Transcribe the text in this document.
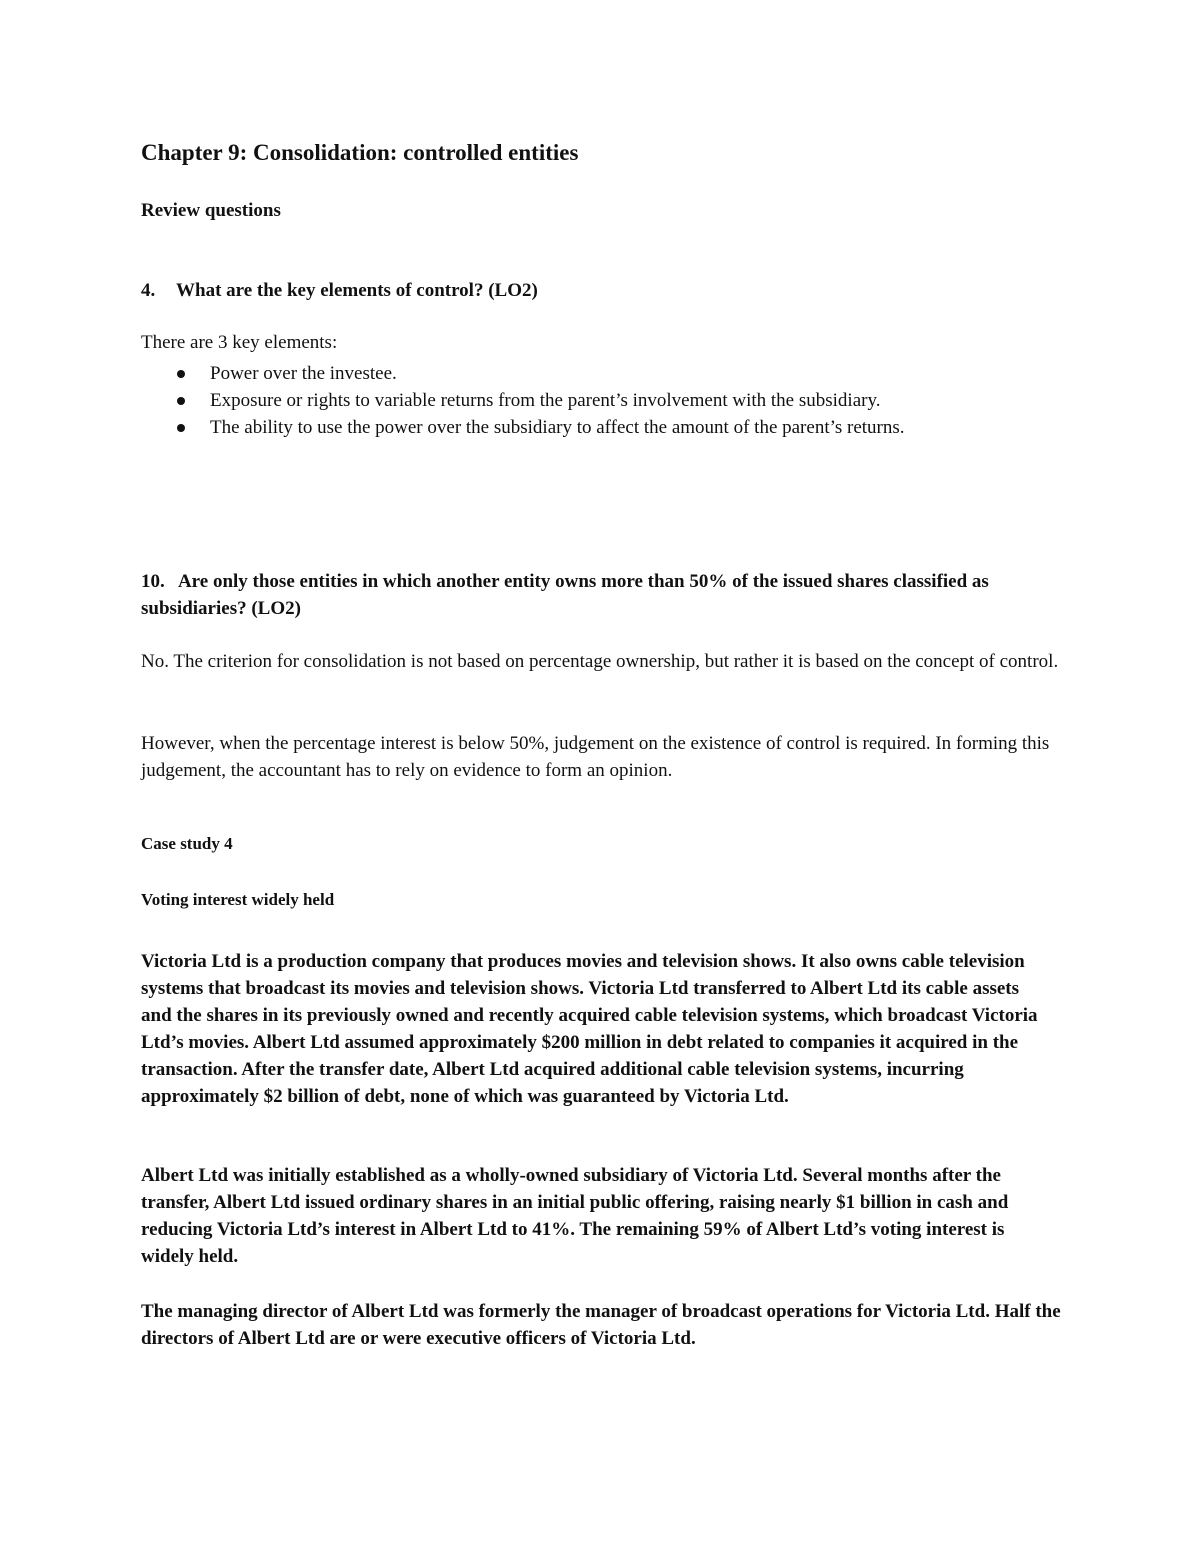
Chapter 9: Consolidation: controlled entities

Review questions

4. What are the key elements of control? (LO2)

There are 3 key elements:

Power over the investee.
Exposure or rights to variable returns from the parent’s involvement with the subsidiary.
The ability to use the power over the subsidiary to affect the amount of the parent’s returns.

10.   Are only those entities in which another entity owns more than 50% of the issued shares classified as subsidiaries? (LO2)

No. The criterion for consolidation is not based on percentage ownership, but rather it is based on the concept of control.

However, when the percentage interest is below 50%, judgement on the existence of control is required. In forming this judgement, the accountant has to rely on evidence to form an opinion.

Case study 4

Voting interest widely held

Victoria Ltd is a production company that produces movies and television shows. It also owns cable television systems that broadcast its movies and television shows. Victoria Ltd transferred to Albert Ltd its cable assets and the shares in its previously owned and recently acquired cable television systems, which broadcast Victoria Ltd’s movies. Albert Ltd assumed approximately $200 million in debt related to companies it acquired in the transaction. After the transfer date, Albert Ltd acquired additional cable television systems, incurring approximately $2 billion of debt, none of which was guaranteed by Victoria Ltd.

Albert Ltd was initially established as a wholly-owned subsidiary of Victoria Ltd. Several months after the transfer, Albert Ltd issued ordinary shares in an initial public offering, raising nearly $1 billion in cash and reducing Victoria Ltd’s interest in Albert Ltd to 41%. The remaining 59% of Albert Ltd’s voting interest is widely held.

The managing director of Albert Ltd was formerly the manager of broadcast operations for Victoria Ltd. Half the directors of Albert Ltd are or were executive officers of Victoria Ltd.
